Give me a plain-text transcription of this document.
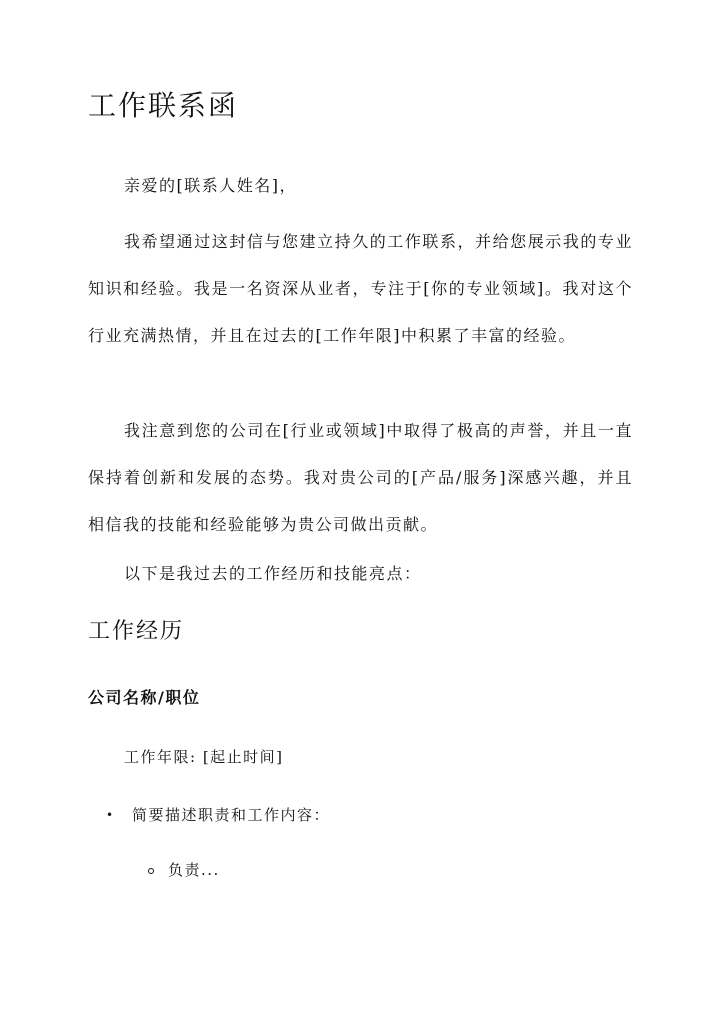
工作联系函

亲爱的[联系人姓名]，

我希望通过这封信与您建立持久的工作联系，并给您展示我的专业知识和经验。我是一名资深从业者，专注于[你的专业领域]。我对这个行业充满热情，并且在过去的[工作年限]中积累了丰富的经验。

我注意到您的公司在[行业或领域]中取得了极高的声誉，并且一直保持着创新和发展的态势。我对贵公司的[产品/服务]深感兴趣，并且相信我的技能和经验能够为贵公司做出贡献。

以下是我过去的工作经历和技能亮点：

工作经历
公司名称/职位

工作年限: [起止时间]

• 简要描述职责和工作内容：
负责...
